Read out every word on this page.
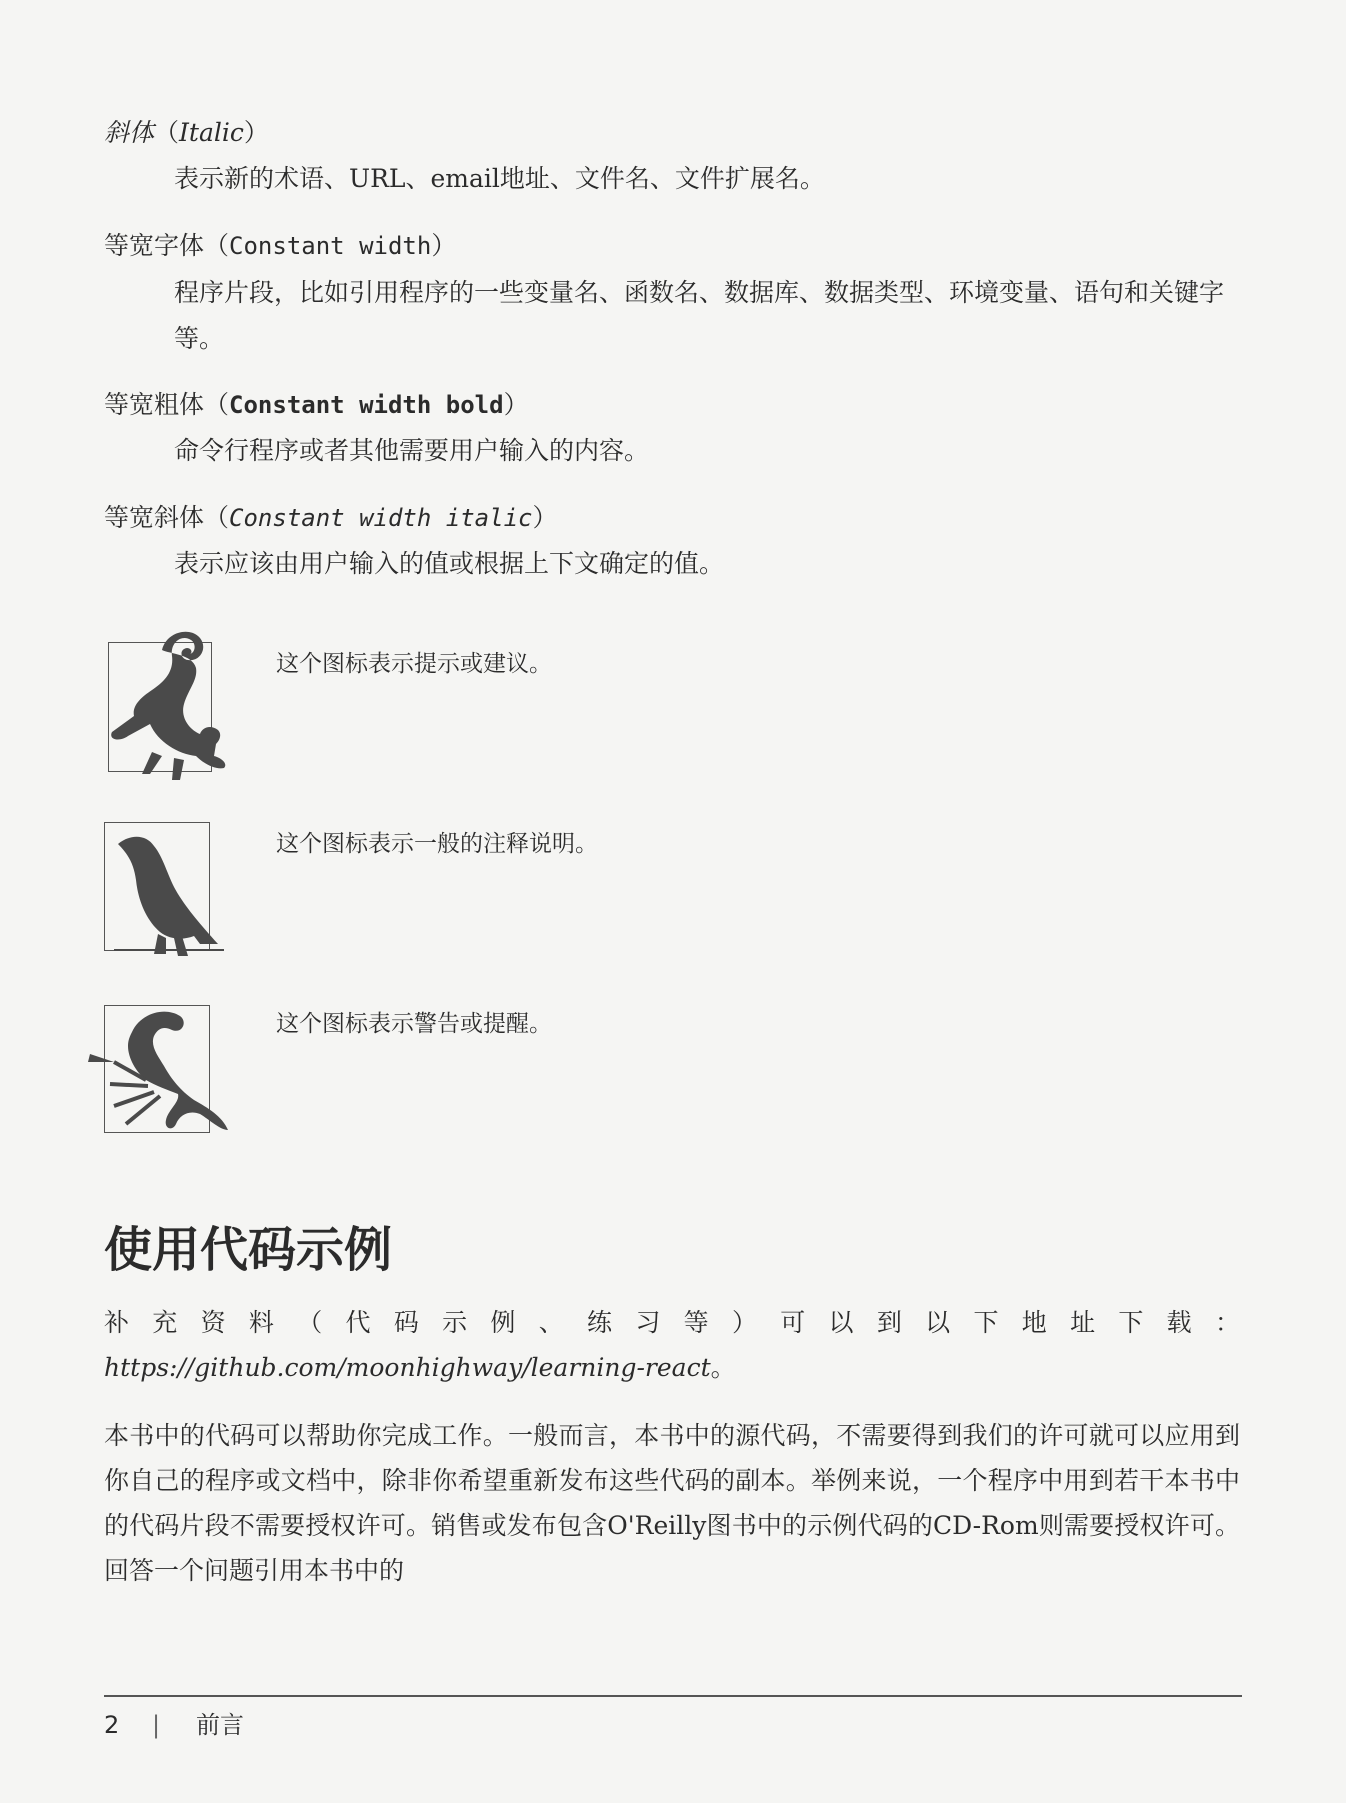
斜体（Italic）
表示新的术语、URL、email地址、文件名、文件扩展名。
等宽字体（Constant width）
程序片段，比如引用程序的一些变量名、函数名、数据库、数据类型、环境变量、语句和关键字等。
等宽粗体（Constant width bold）
命令行程序或者其他需要用户输入的内容。
等宽斜体（Constant width italic）
表示应该由用户输入的值或根据上下文确定的值。
这个图标表示提示或建议。
这个图标表示一般的注释说明。
这个图标表示警告或提醒。
使用代码示例
补充资料（代码示例、练习等）可以到以下地址下载：https://github.com/moonhighway/learning-react。
本书中的代码可以帮助你完成工作。一般而言，本书中的源代码，不需要得到我们的许可就可以应用到你自己的程序或文档中，除非你希望重新发布这些代码的副本。举例来说，一个程序中用到若干本书中的代码片段不需要授权许可。销售或发布包含O'Reilly图书中的示例代码的CD-Rom则需要授权许可。回答一个问题引用本书中的
2 | 前言
